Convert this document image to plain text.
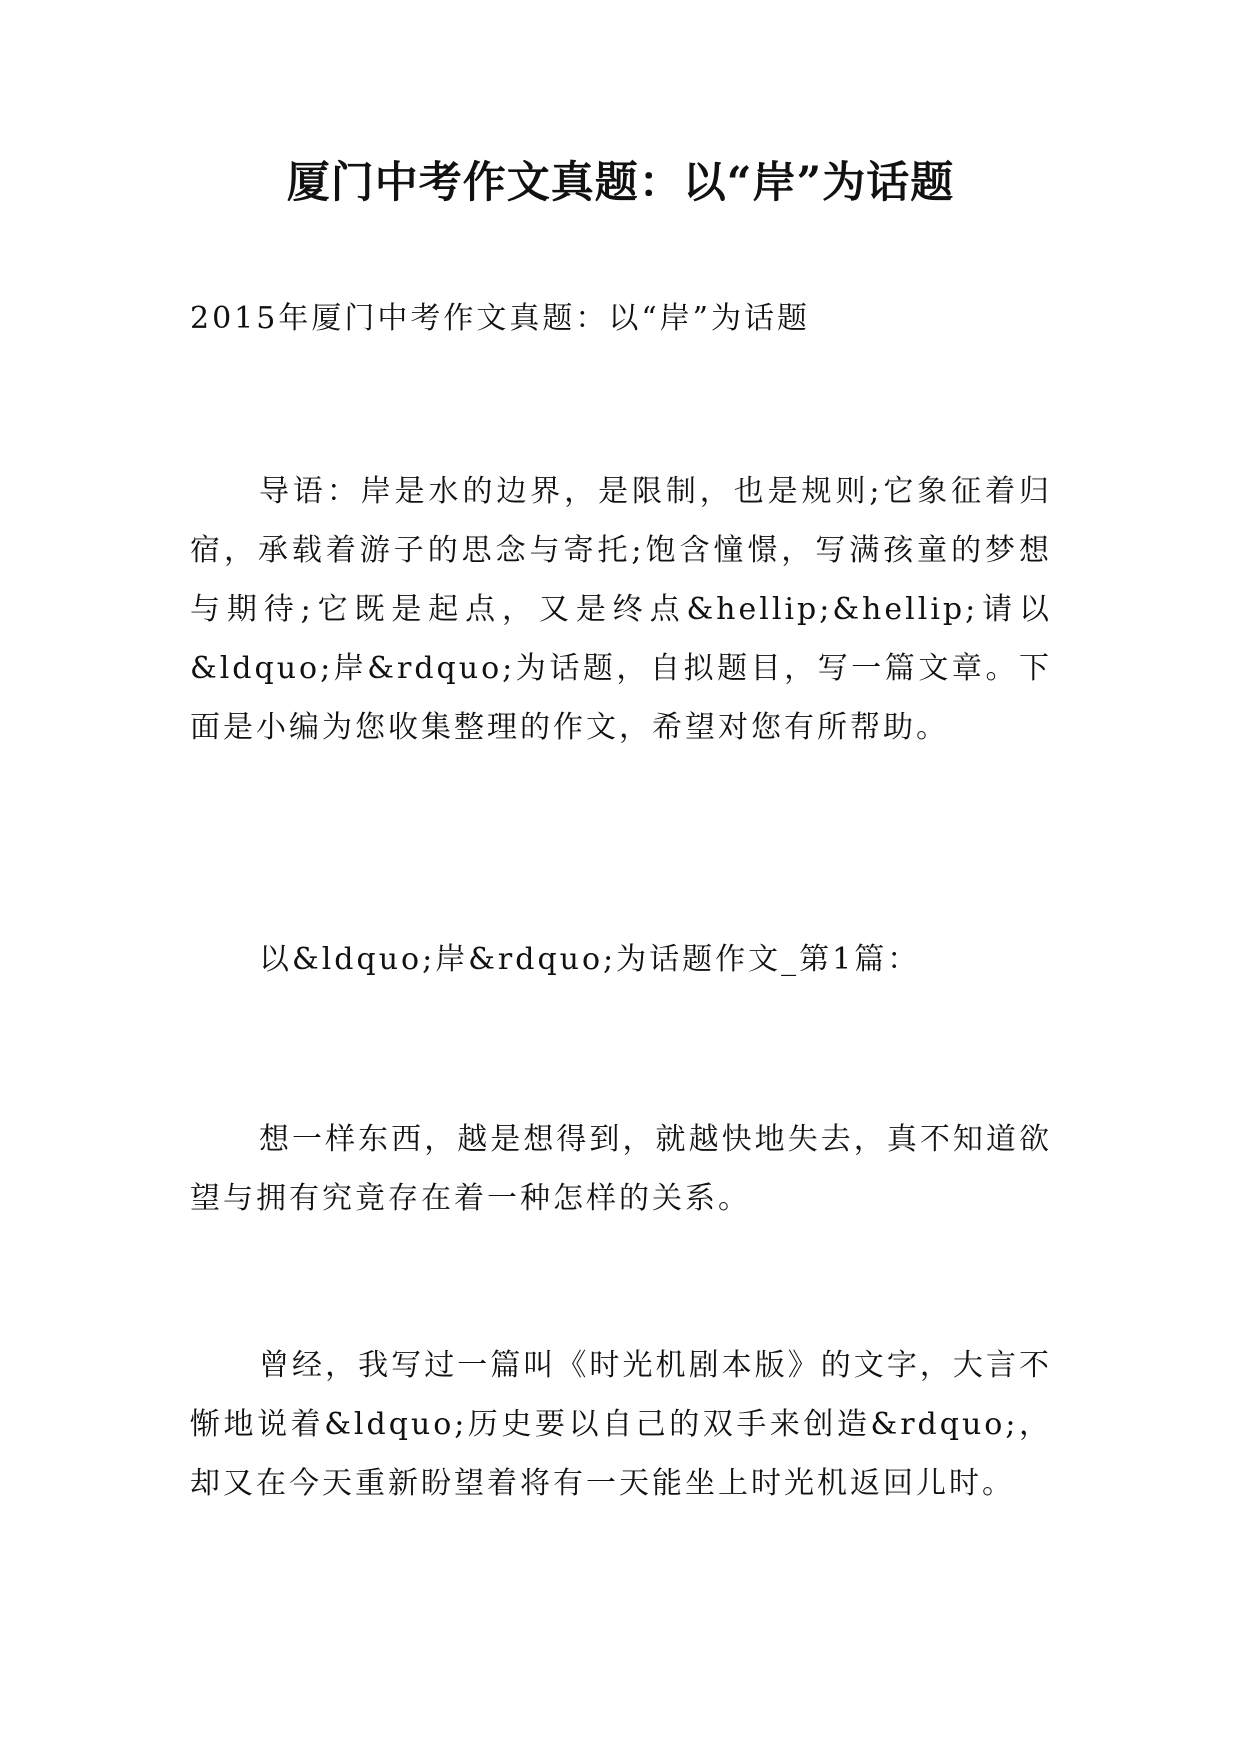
厦门中考作文真题：以“岸”为话题

2015年厦门中考作文真题：以“岸”为话题

导语：岸是水的边界，是限制，也是规则;它象征着归宿，承载着游子的思念与寄托;饱含憧憬，写满孩童的梦想与期待;它既是起点，又是终点&hellip;&hellip;请以&ldquo;岸&rdquo;为话题，自拟题目，写一篇文章。下面是小编为您收集整理的作文，希望对您有所帮助。

以&ldquo;岸&rdquo;为话题作文_第1篇：

想一样东西，越是想得到，就越快地失去，真不知道欲望与拥有究竟存在着一种怎样的关系。

曾经，我写过一篇叫《时光机剧本版》的文字，大言不惭地说着&ldquo;历史要以自己的双手来创造&rdquo;，却又在今天重新盼望着将有一天能坐上时光机返回儿时。
